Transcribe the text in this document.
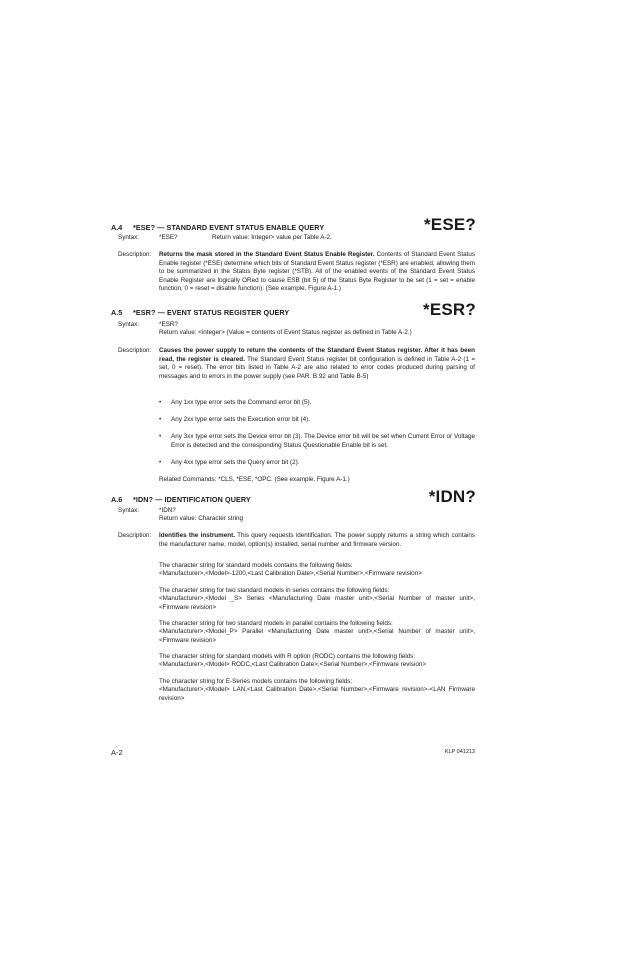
A.4 *ESE? — STANDARD EVENT STATUS ENABLE QUERY	*ESE?
Syntax:	*ESE?	Return value: Integer> value per Table A-2.
Description: Returns the mask stored in the Standard Event Status Enable Register. Contents of Standard Event Status Enable register (*ESE) determine which bits of Standard Event Status register (*ESR) are enabled, allowing them to be summarized in the Status Byte register (*STB). All of the enabled events of the Standard Event Status Enable Register are logically ORed to cause ESB (bit 5) of the Status Byte Register to be set (1 = set = enable function, 0 = reset = disable function). (See example, Figure A-1.)
A.5 *ESR? — EVENT STATUS REGISTER QUERY	*ESR?
Syntax:	*ESR?
Return value: <integer> (Value = contents of Event Status register as defined in Table A-2.)
Description: Causes the power supply to return the contents of the Standard Event Status register. After it has been read, the register is cleared. The Standard Event Status register bit configuration is defined in Table A-2 (1 = set, 0 = reset). The error bits listed in Table A-2 are also related to error codes produced during parsing of messages and to errors in the power supply (see PAR. B.92 and Table B-5)
• Any 1xx type error sets the Command error bit (5).
• Any 2xx type error sets the Execution error bit (4).
• Any 3xx type error sets the Device error bit (3). The Device error bit will be set when Current Error or Voltage Error is detected and the corresponding Status Questionable Enable bit is set.
• Any 4xx type error sets the Query error bit (2).
Related Commands: *CLS, *ESE, *OPC. (See example, Figure A-1.)
A.6 *IDN? — IDENTIFICATION QUERY	*IDN?
Syntax:	*IDN?
Return value: Character string
Description: Identifies the instrument. This query requests identification. The power supply returns a string which contains the manufacturer name, model, option(s) installed, serial number and firmware version.
The character string for standard models contains the following fields:
<Manufacturer>,<Model>-1200,<Last Calibration Date>,<Serial Number>,<Firmware revision>
The character string for two standard models in series contains the following fields:
<Manufacturer>,<Model _S> Series <Manufacturing Date master unit>,<Serial Number of master unit>,<Firmware revision>
The character string for two standard models in parallel contains the following fields:
<Manufacturer>,<Model_P> Parallel <Manufacturing Date master unit>,<Serial Number of master unit>,<Firmware revision>
The character string for standard models with R option (RODC) contains the following fields:
<Manufacturer>,<Model> RODC,<Last Calibration Date>,<Serial Number>,<Firmware revision>
The character string for E-Series models contains the following fields:
<Manufacturer>,<Model> LAN,<Last Calibration Date>,<Serial Number>,<Firmware revision>-<LAN Firmware revision>
A-2	KLP 041213
